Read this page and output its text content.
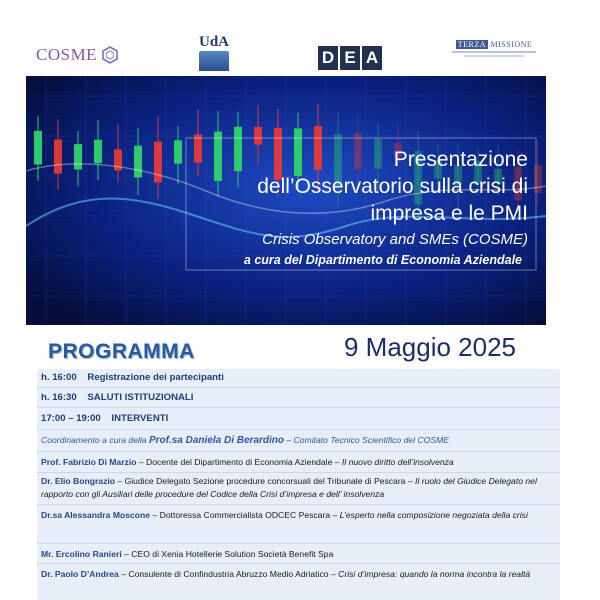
COSME
UdA
D E A
TERZA MISSIONE
Presentazione
dell’Osservatorio sulla crisi di
impresa e le PMI
Crisis Observatory and SMEs (COSME)
a cura del Dipartimento di Economia Aziendale
PROGRAMMA	9 Maggio 2025
h. 16:00 Registrazione dei partecipanti
h. 16:30 SALUTI ISTITUZIONALI
17:00 – 19:00 INTERVENTI
Coordinamento a cura della Prof.sa Daniela Di Berardino – Comitato Tecnico Scientifico del COSME
Prof. Fabrizio Di Marzio – Docente del Dipartimento di Economia Aziendale – Il nuovo diritto dell’insolvenza
Dr. Elio Bongrazio – Giudice Delegato Sezione procedure concorsuali del Tribunale di Pescara – Il ruolo del Giudice Delegato nel rapporto con gli Ausiliari delle procedure del Codice della Crisi d’impresa e dell’ insolvenza
Dr.sa Alessandra Moscone – Dottoressa Commercialista ODCEC Pescara – L’esperto nella composizione negoziata della crisi
Mr. Ercolino Ranieri – CEO di Xenia Hotellerie Solution Società Benefit Spa
Dr. Paolo D’Andrea – Consulente di Confindustria Abruzzo Medio Adriatico – Crisi d’impresa: quando la norma incontra la realtà
